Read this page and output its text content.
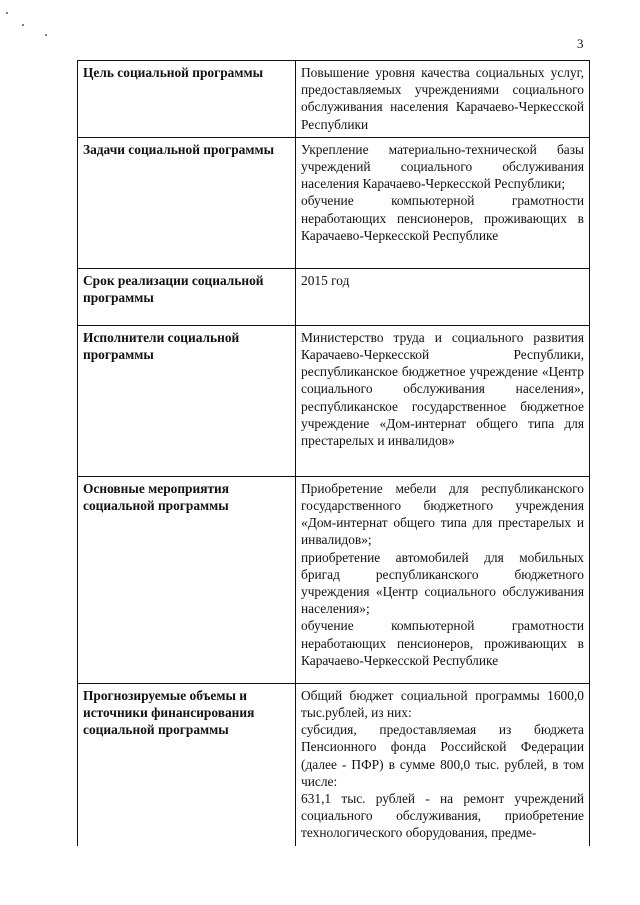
3
Цель социальной программы	Повышение уровня качества социальных услуг, предоставляемых учреждениями социального обслуживания населения Карачаево-Черкесской Республики

Задачи социальной программы	Укрепление материально-технической базы учреждений социального обслуживания населения Карачаево-Черкесской Республики;
обучение компьютерной грамотности неработающих пенсионеров, проживающих в Карачаево-Черкесской Республике

Срок реализации социальной программы	2015 год

Исполнители социальной программы	Министерство труда и социального развития Карачаево-Черкесской Республики, республиканское бюджетное учреждение «Центр социального обслуживания населения», республиканское государственное бюджетное учреждение «Дом-интернат общего типа для престарелых и инвалидов»

Основные мероприятия социальной программы	Приобретение мебели для республиканского государственного бюджетного учреждения «Дом-интернат общего типа для престарелых и инвалидов»;
приобретение автомобилей для мобильных бригад республиканского бюджетного учреждения «Центр социального обслуживания населения»;
обучение компьютерной грамотности неработающих пенсионеров, проживающих в Карачаево-Черкесской Республике

Прогнозируемые объемы и источники финансирования социальной программы	Общий бюджет социальной программы 1600,0 тыс.рублей, из них:
субсидия, предоставляемая из бюджета Пенсионного фонда Российской Федерации (далее - ПФР) в сумме 800,0 тыс. рублей, в том числе:
631,1 тыс. рублей - на ремонт учреждений социального обслуживания, приобретение технологического оборудования, предме-
